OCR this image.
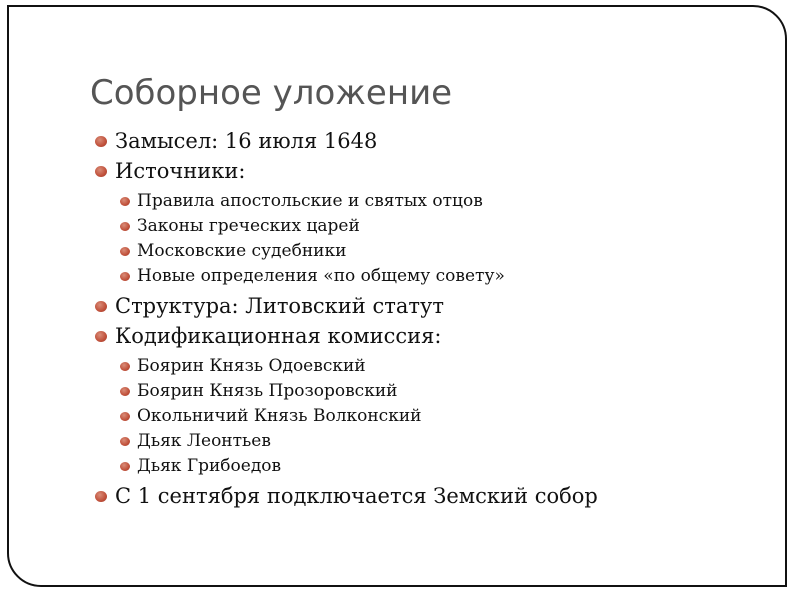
Соборное уложение
Замысел: 16 июля 1648
Источники:
Правила апостольские и святых отцов
Законы греческих царей
Московские судебники
Новые определения «по общему совету»
Структура: Литовский статут
Кодификационная комиссия:
Боярин Князь Одоевский
Боярин Князь Прозоровский
Окольничий Князь Волконский
Дьяк Леонтьев
Дьяк Грибоедов
С 1 сентября подключается Земский собор
